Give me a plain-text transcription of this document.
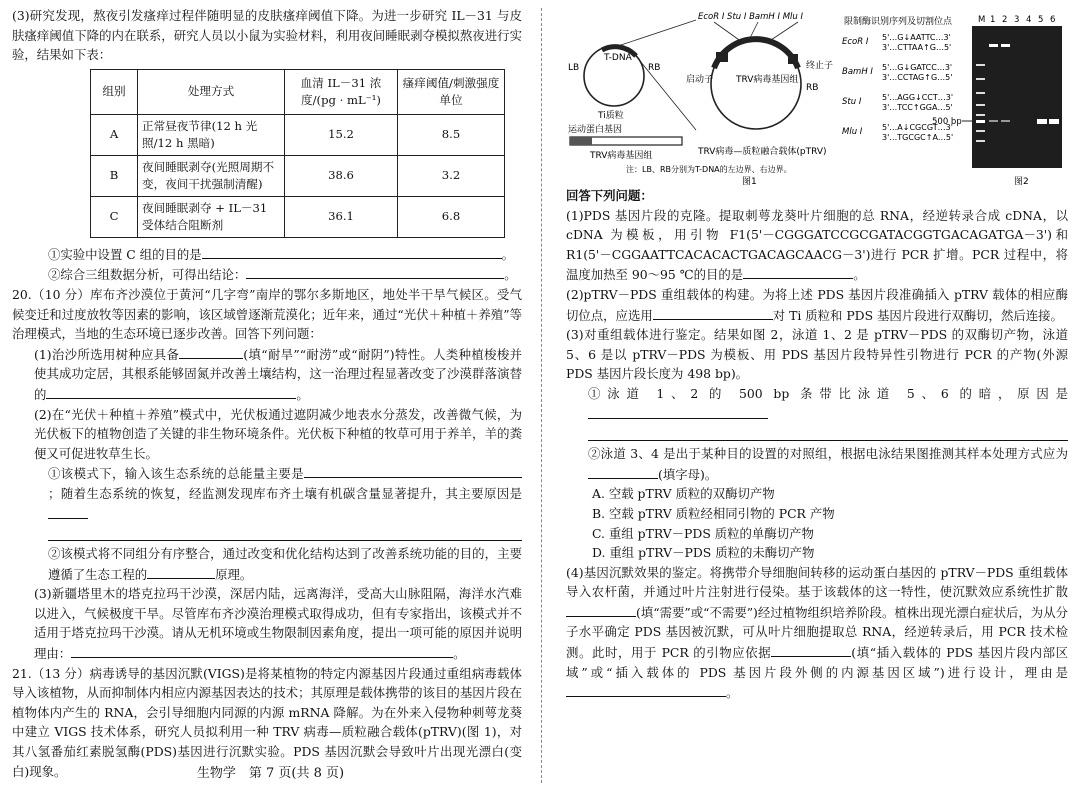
(3)研究发现，熬夜引发瘙痒过程伴随明显的皮肤瘙痒阈值下降。为进一步研究 IL－31 与皮肤瘙痒阈值下降的内在联系，研究人员以小鼠为实验材料，利用夜间睡眠剥夺模拟熬夜进行实验，结果如下表：

组别	处理方式	血清 IL－31 浓度/(pg · mL⁻¹)	瘙痒阈值/刺激强度单位
A	正常昼夜节律(12 h 光照/12 h 黑暗)	15.2	8.5
B	夜间睡眠剥夺(光照周期不变，夜间干扰强制清醒)	38.6	3.2
C	夜间睡眠剥夺 + IL－31 受体结合阻断剂	36.1	6.8

①实验中设置 C 组的目的是	。

②综合三组数据分析，可得出结论：	。

20.（10 分）库布齐沙漠位于黄河“几字弯”南岸的鄂尔多斯地区，地处半干旱气候区。受气候变迁和过度放牧等因素的影响，该区域曾逐渐荒漠化；近年来，通过“光伏＋种植＋养殖”等治理模式，当地的生态环境已逐步改善。回答下列问题：

(1)治沙所选用树种应具备	(填“耐旱”“耐涝”或“耐阴”)特性。人类种植梭梭并使其成功定居，其根系能够固氮并改善土壤结构，这一治理过程显著改变了沙漠群落演替的	。

(2)在“光伏＋种植＋养殖”模式中，光伏板通过遮阴减少地表水分蒸发，改善微气候，为光伏板下的植物创造了关键的非生物环境条件。光伏板下种植的牧草可用于养羊，羊的粪便又可促进牧草生长。

①该模式下，输入该生态系统的总能量主要是；随着生态系统的恢复，经监测发现库布齐土壤有机碳含量显著提升，其主要原因是

②该模式将不同组分有序整合，通过改变和优化结构达到了改善系统功能的目的，主要遵循了生态工程的	原理。

(3)新疆塔里木的塔克拉玛干沙漠，深居内陆，远离海洋，受高大山脉阻隔，海洋水汽难以进入，气候极度干旱。尽管库布齐沙漠治理模式取得成功，但有专家指出，该模式并不适用于塔克拉玛干沙漠。请从无机环境或生物限制因素角度，提出一项可能的原因并说明理由：	。

21.（13 分）病毒诱导的基因沉默(VIGS)是将某植物的特定内源基因片段通过重组病毒载体导入该植物，从而抑制体内相应内源基因表达的技术；其原理是载体携带的该目的基因片段在植物体内产生的 RNA，会引导细胞内同源的内源 mRNA 降解。为在外来入侵物种刺萼龙葵中建立 VIGS 技术体系，研究人员拟利用一种 TRV 病毒—质粒融合载体(pTRV)(图 1)，对其八氢番茄红素脱氢酶(PDS)基因进行沉默实验。PDS 基因沉默会导致叶片出现光漂白(变白)现象。	生物学　第 7 页(共 8 页)
T-DNA
LB	RB
Ti质粒
EcoR Ⅰ Stu Ⅰ BamH Ⅰ Mlu Ⅰ
启动子
终止子
RB
TRV病毒基因组
TRV病毒—质粒融合载体(pTRV)
运动蛋白基因
TRV病毒基因组
注：LB、RB分别为T-DNA的左边界、右边界。
图1
限制酶识别序列及切割位点
EcoR Ⅰ 5'…G↓AATTC…3'
3'…CTTAA↑G…5'
BamH Ⅰ 5'…G↓GATCC…3'
3'…CCTAG↑G…5'
Stu Ⅰ	5'…AGG↓CCT…3'
3'…TCC↑GGA…5'
Mlu Ⅰ 5'…A↓CGCGT…3'
3'…TGCGC↑A…5'
M 1 2 3 4 5 6
500 bp
图2

回答下列问题：

(1)PDS 基因片段的克隆。提取刺萼龙葵叶片细胞的总 RNA，经逆转录合成 cDNA，以 cDNA 为模板，用引物 F1(5'－CGGGATCCGCGATACGGTGACAGATGA－3')和 R1(5'－CGGAATTCACACACTGACAGCAACG－3')进行 PCR 扩增。PCR 过程中，将温度加热至 90～95 ℃的目的是	。

(2)pTRV－PDS 重组载体的构建。为将上述 PDS 基因片段准确插入 pTRV 载体的相应酶切位点，应选用	对 Ti 质粒和 PDS 基因片段进行双酶切，然后连接。

(3)对重组载体进行鉴定。结果如图 2，泳道 1、2 是 pTRV－PDS 的双酶切产物，泳道 5、6 是以 pTRV－PDS 为模板、用 PDS 基因片段特异性引物进行 PCR 的产物(外源 PDS 基因片段长度为 498 bp)。

①泳道 1、2 的 500 bp 条带比泳道 5、6 的暗，原因是

②泳道 3、4 是出于某种目的设置的对照组，根据电泳结果图推测其样本处理方式应为(填字母)。

A. 空载 pTRV 质粒的双酶切产物

B. 空载 pTRV 质粒经相同引物的 PCR 产物

C. 重组 pTRV－PDS 质粒的单酶切产物

D. 重组 pTRV－PDS 质粒的未酶切产物

(4)基因沉默效果的鉴定。将携带介导细胞间转移的运动蛋白基因的 pTRV－PDS 重组载体导入农杆菌，并通过叶片注射进行侵染。基于该载体的这一特性，使沉默效应系统性扩散(填“需要”或“不需要”)经过植物组织培养阶段。植株出现光漂白症状后，为从分子水平确定 PDS 基因被沉默，可从叶片细胞提取总 RNA，经逆转录后，用 PCR 技术检测。此时，用于 PCR 的引物应依据	(填“插入载体的 PDS 基因片段内部区域”或“插入载体的 PDS 基因片段外侧的内源基因区域”)进行设计，理由是。
